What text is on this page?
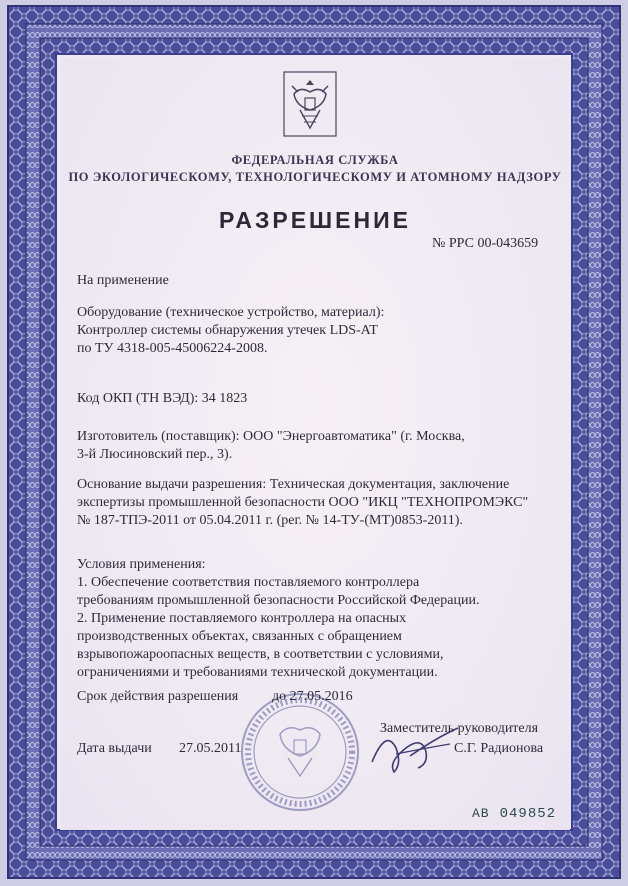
ФЕДЕРАЛЬНАЯ СЛУЖБА
ПО ЭКОЛОГИЧЕСКОМУ, ТЕХНОЛОГИЧЕСКОМУ И АТОМНОМУ НАДЗОРУ
РАЗРЕШЕНИЕ
№ РРС 00-043659
На применение
Оборудование (техническое устройство, материал):
Контроллер системы обнаружения утечек LDS-AT
по ТУ 4318-005-45006224-2008.
Код ОКП (ТН ВЭД): 34 1823
Изготовитель (поставщик): ООО "Энергоавтоматика" (г. Москва,
3-й Люсиновский пер., 3).
Основание выдачи разрешения: Техническая документация, заключение
экспертизы промышленной безопасности ООО "ИКЦ "ТЕХНОПРОМЭКС"
№ 187-ТПЭ-2011 от 05.04.2011 г. (рег. № 14-ТУ-(МТ)0853-2011).
Условия применения:
1. Обеспечение соответствия поставляемого контроллера
требованиям промышленной безопасности Российской Федерации.
2. Применение поставляемого контроллера на опасных
производственных объектах, связанных с обращением
взрывопожароопасных веществ, в соответствии с условиями,
ограничениями и требованиями технической документации.
Срок действия разрешения до 27.05.2016
Заместитель руководителя
Дата выдачи 27.05.2011	С.Г. Радионова
АВ 049852
